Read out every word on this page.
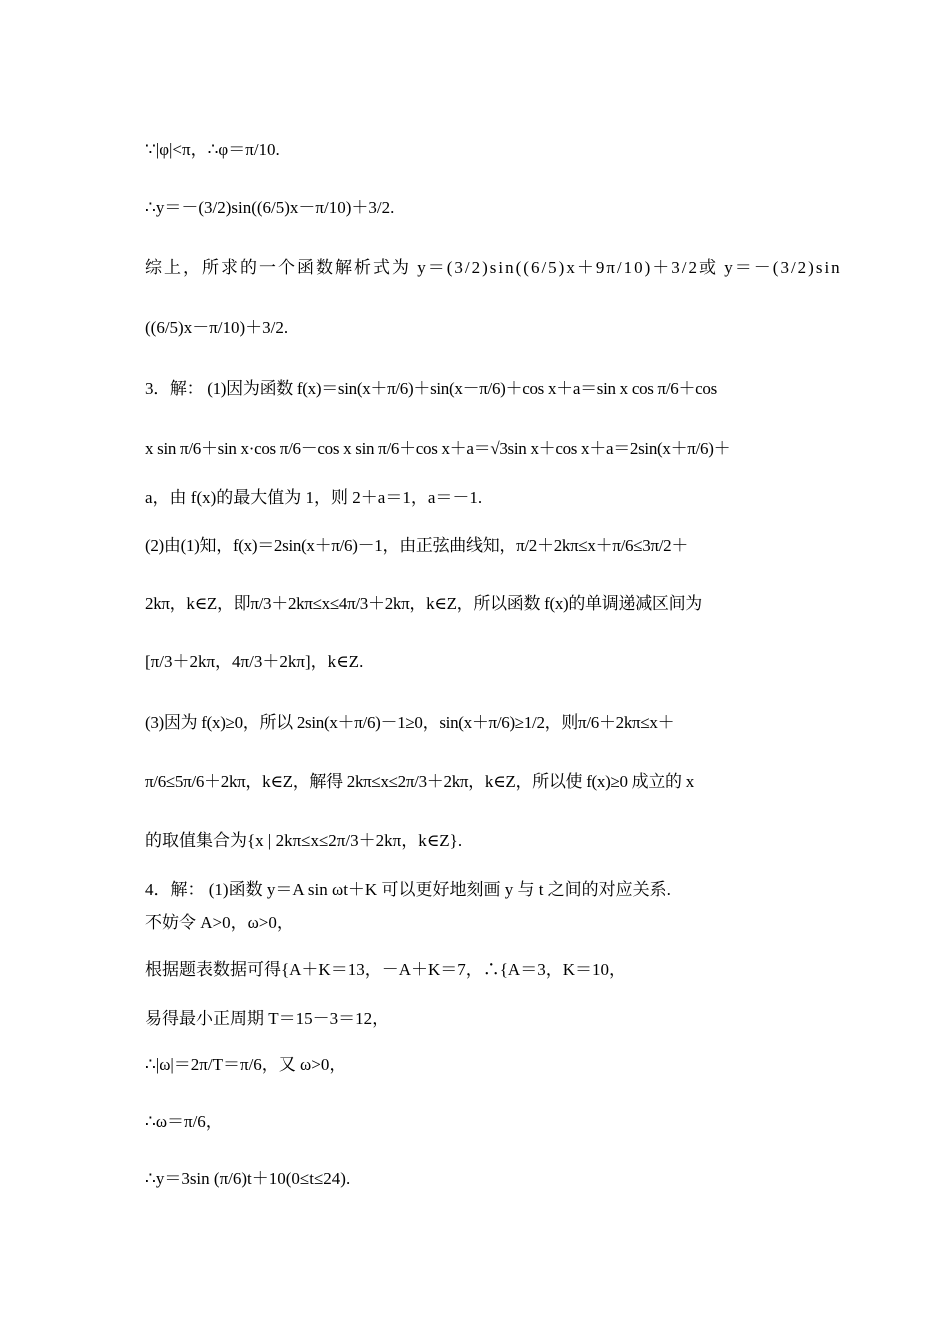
∵|φ|<π，∴φ＝π/10.
∴y＝－(3/2)sin((6/5)x－π/10)＋3/2.
综上，所求的一个函数解析式为 y＝(3/2)sin((6/5)x＋9π/10)＋3/2或 y＝－(3/2)sin
((6/5)x－π/10)＋3/2.
3．解： (1)因为函数 f(x)＝sin(x＋π/6)＋sin(x－π/6)＋cos x＋a＝sin x cos π/6＋cos
x sin π/6＋sin x·cos π/6－cos x sin π/6＋cos x＋a＝√3sin x＋cos x＋a＝2sin(x＋π/6)＋
a，由 f(x)的最大值为 1，则 2＋a＝1，a＝－1.
(2)由(1)知，f(x)＝2sin(x＋π/6)－1，由正弦曲线知，π/2＋2kπ≤x＋π/6≤3π/2＋
2kπ，k∈Z，即π/3＋2kπ≤x≤4π/3＋2kπ，k∈Z，所以函数 f(x)的单调递减区间为
[π/3＋2kπ，4π/3＋2kπ]，k∈Z.
(3)因为 f(x)≥0，所以 2sin(x＋π/6)－1≥0，sin(x＋π/6)≥1/2，则π/6＋2kπ≤x＋
π/6≤5π/6＋2kπ，k∈Z，解得 2kπ≤x≤2π/3＋2kπ，k∈Z，所以使 f(x)≥0 成立的 x
的取值集合为{x | 2kπ≤x≤2π/3＋2kπ，k∈Z}.
4．解： (1)函数 y＝A sin ωt＋K 可以更好地刻画 y 与 t 之间的对应关系.
不妨令 A>0，ω>0，
根据题表数据可得{A＋K＝13，－A＋K＝7，∴{A＝3，K＝10，
易得最小正周期 T＝15－3＝12，
∴|ω|＝2π/T＝π/6，又 ω>0，
∴ω＝π/6，
∴y＝3sin (π/6)t＋10(0≤t≤24).
